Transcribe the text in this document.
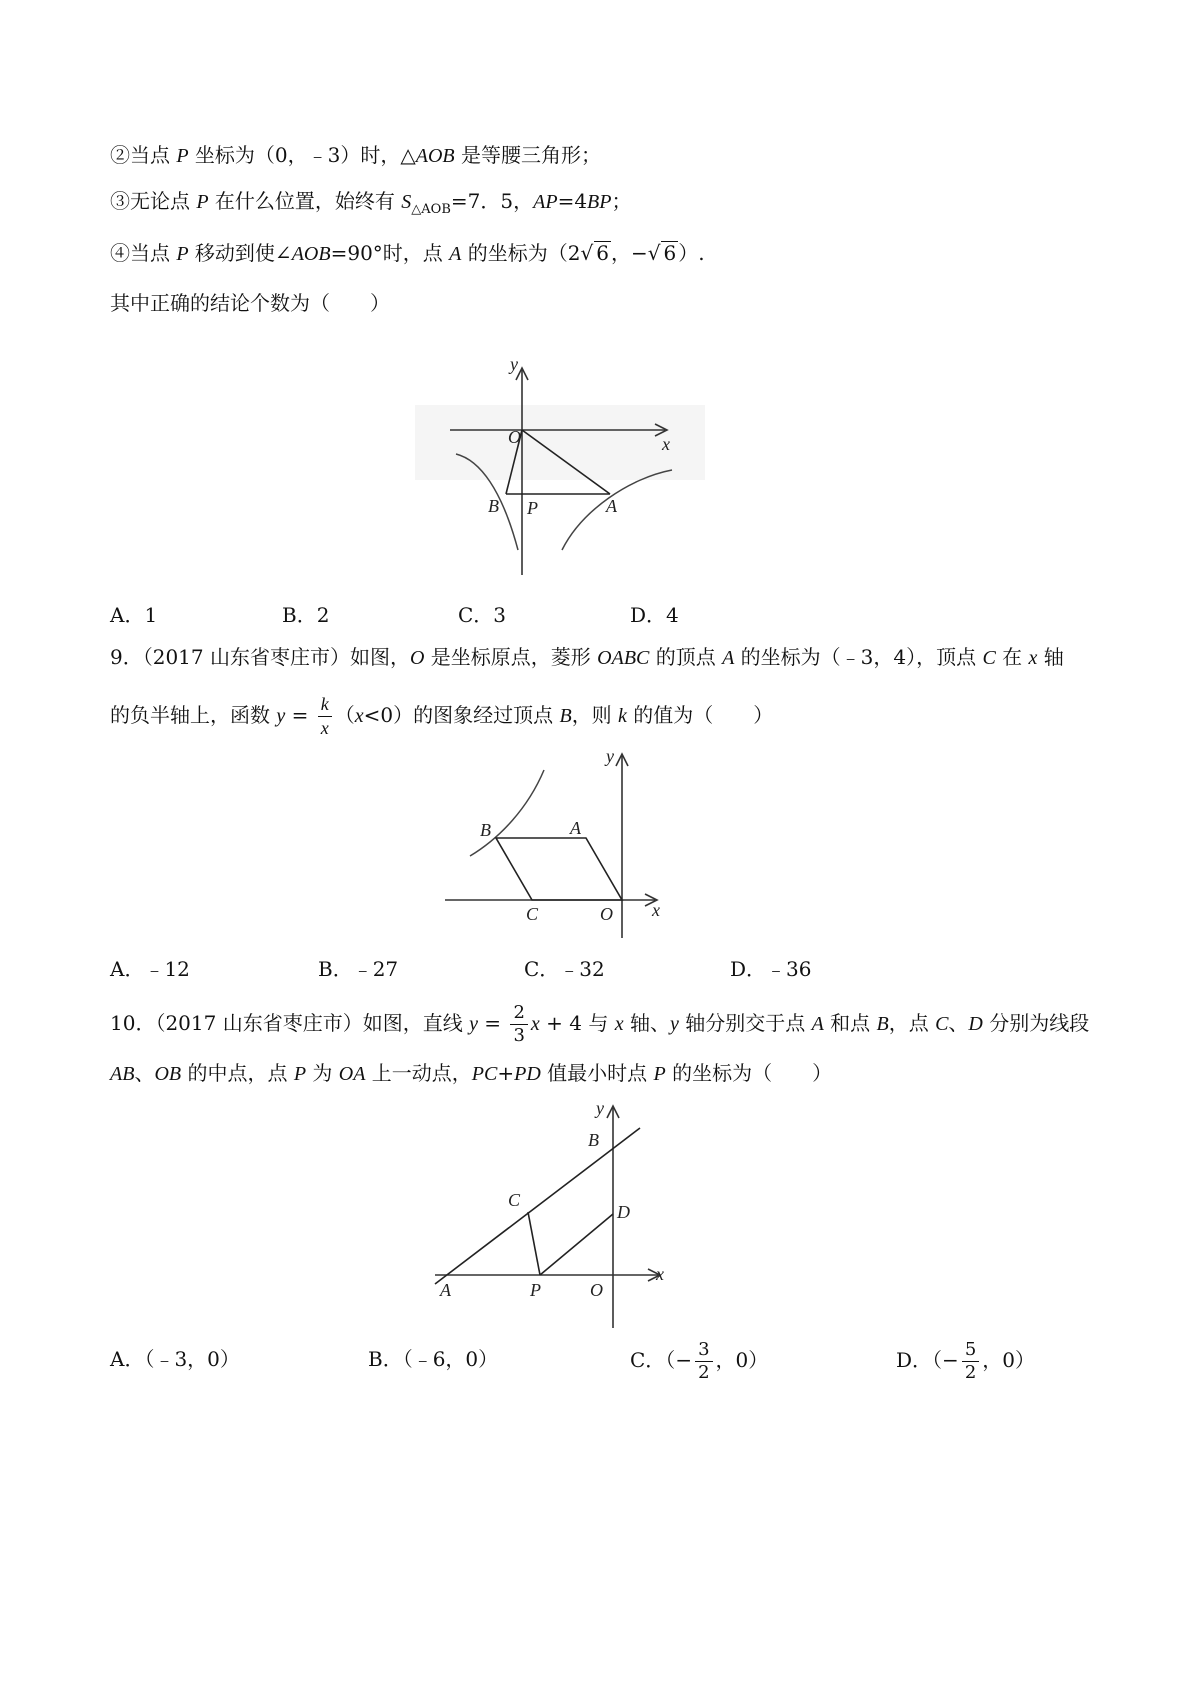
②当点 P 坐标为（0，﹣3）时，△AOB 是等腰三角形；
③无论点 P 在什么位置，始终有 $S_{\triangle AOB}=7$．5，AP=4BP；
④当点 P 移动到使∠AOB=90°时，点 A 的坐标为（2√ 6 ，−√ 6 ）.
其中正确的结论个数为（　　）
y
x
O
B P	A
A．1	B．2	C．3	D．4
9．（2017 山东省枣庄市）如图，O 是坐标原点，菱形 OABC 的顶点 A 的坐标为（﹣3，4），顶点 C 在 x 轴
的负半轴上，函数 $y = \frac{k}{x} (x<0)$的图象经过顶点 B，则 k 的值为（　　）
y
x
B	A
C	O
A．﹣12	B．﹣27	C．﹣32	D．﹣36
10．（2017 山东省枣庄市）如图，直线 $y = \frac{2}{3}$ x + 4 与 x 轴、y 轴分别交于点 A 和点 B，点 C、D 分别为线段
AB、OB 的中点，点 P 为 OA 上一动点，PC+PD 值最小时点 P 的坐标为（　　）
y
x
B
C
D
A	P	O
A．（﹣3，0）	B．（﹣6，0）	C．（− $\frac{3}{2}$ ，0）	D．（− $\frac{5}{2}$ ，0）
